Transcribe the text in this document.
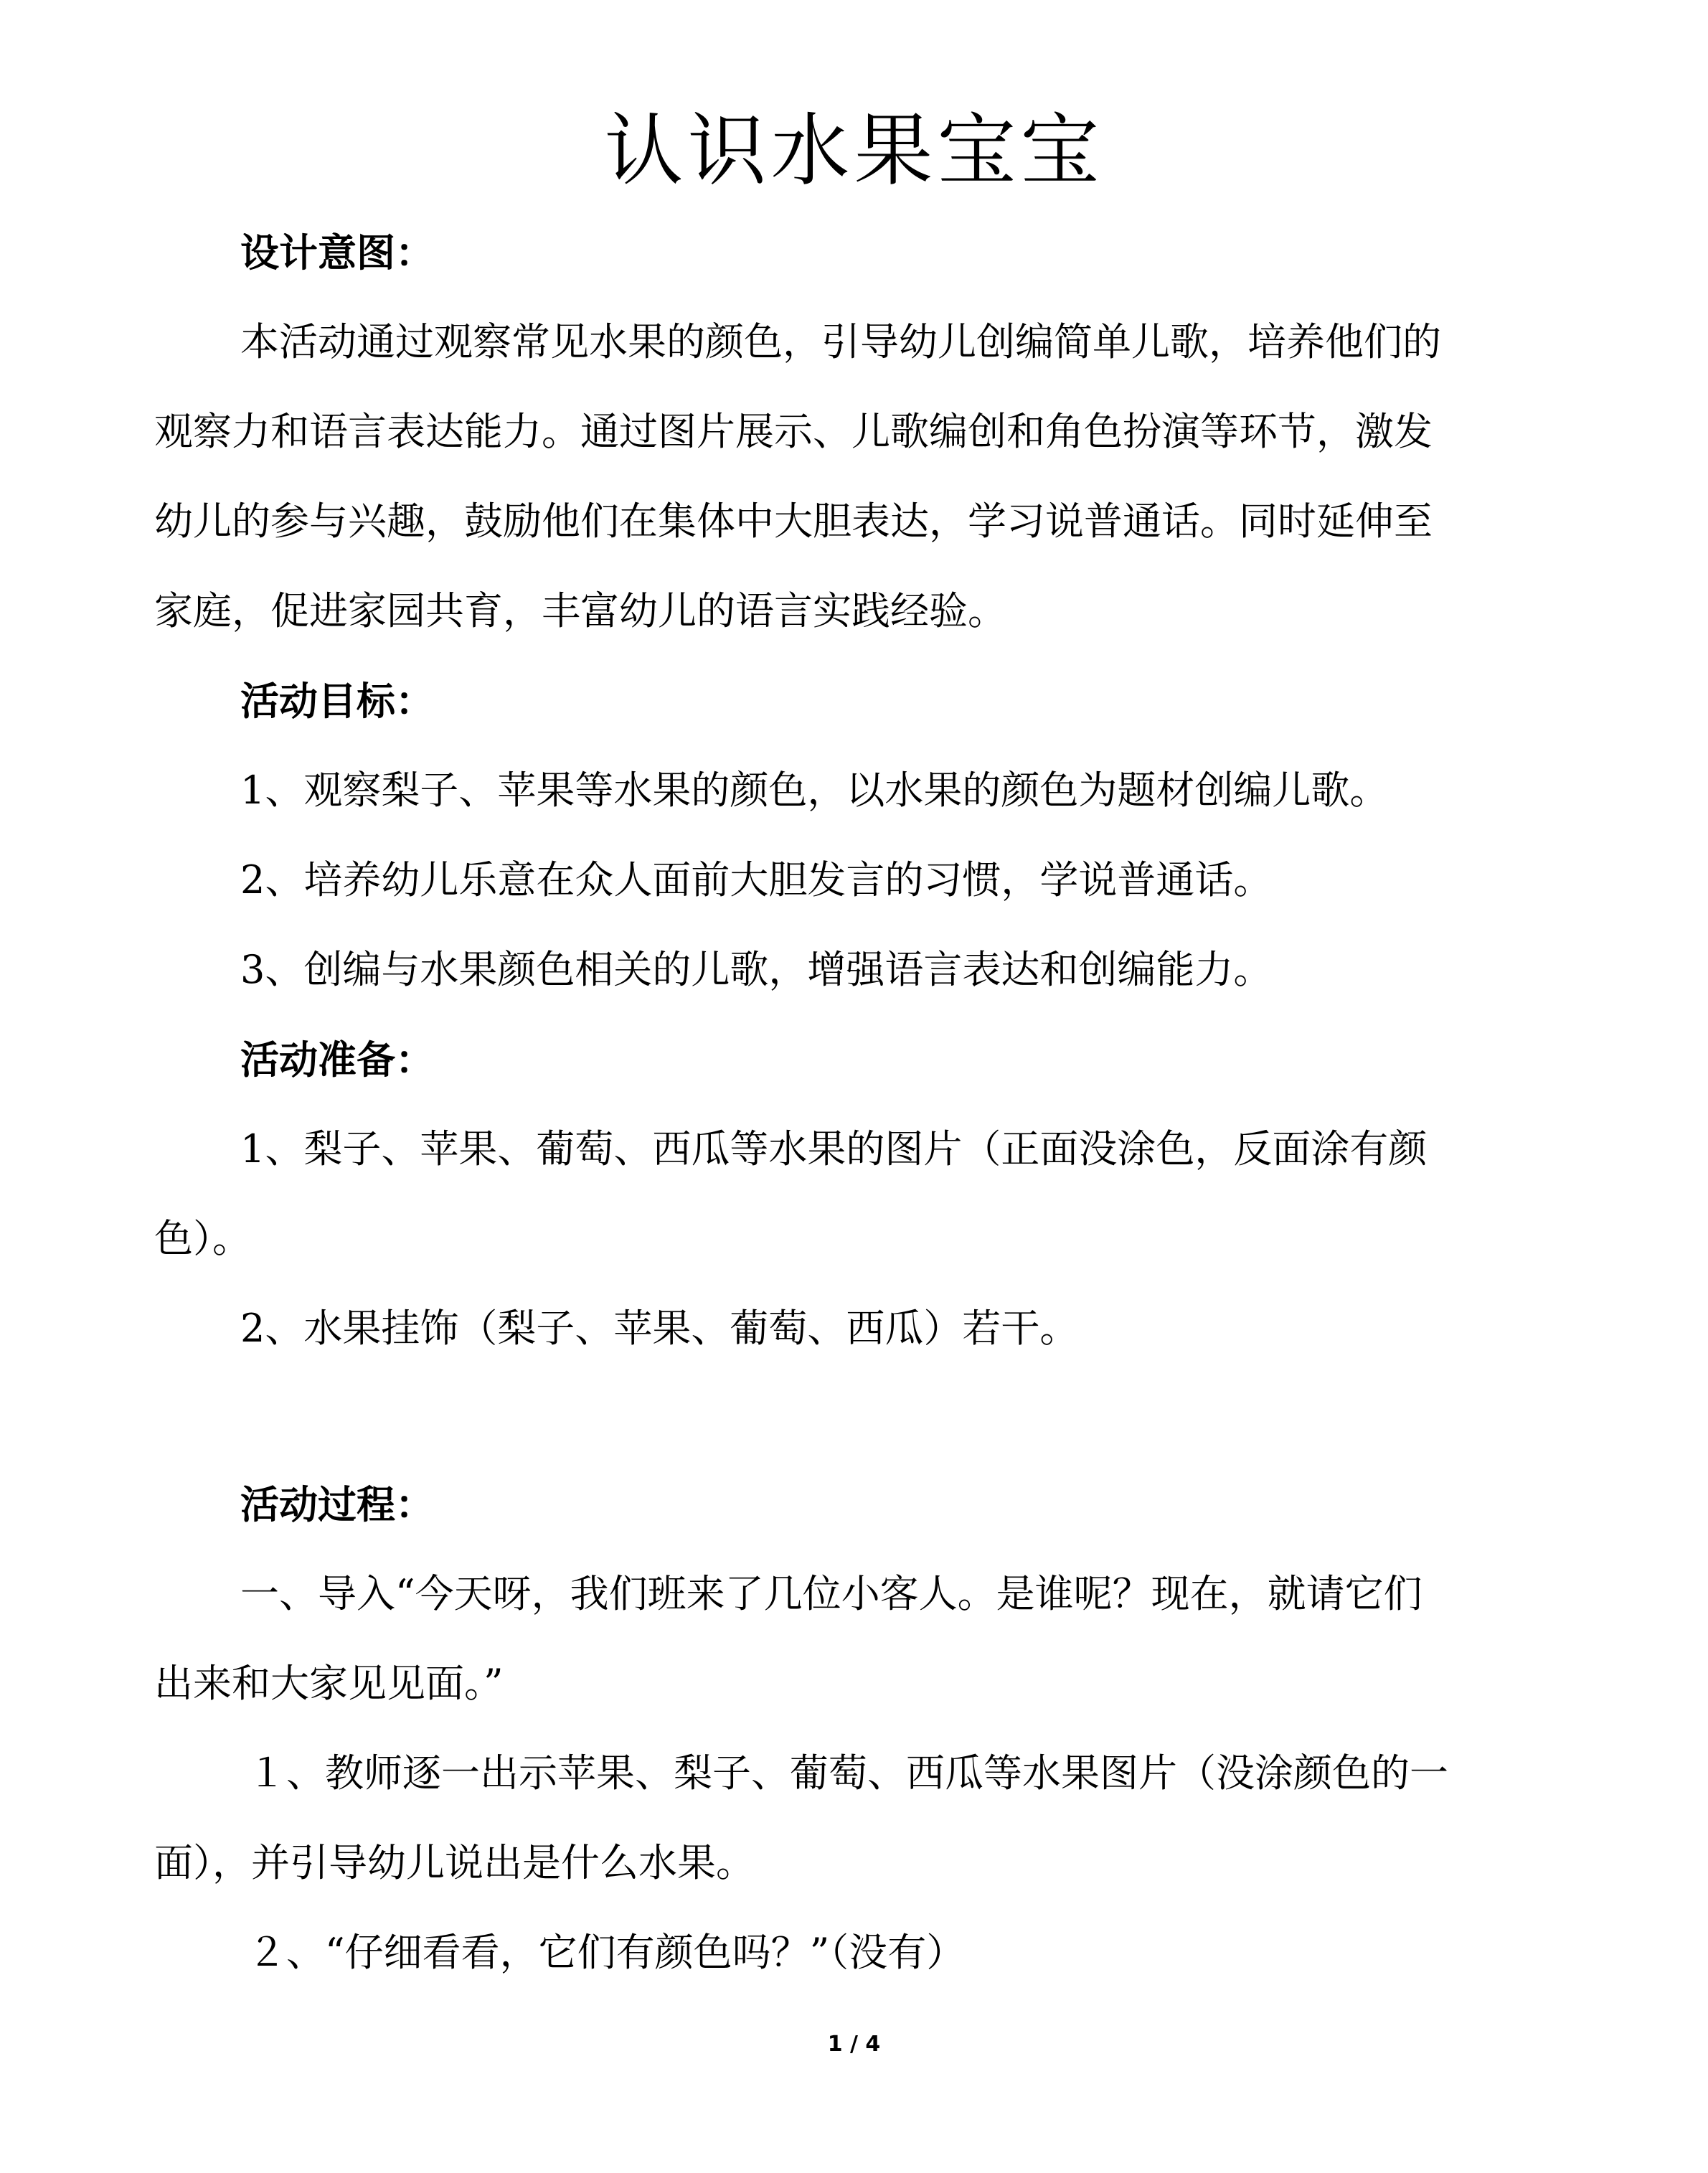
认识水果宝宝

设计意图：

本活动通过观察常见水果的颜色，引导幼儿创编简单儿歌，培养他们的

观察力和语言表达能力。通过图片展示、儿歌编创和角色扮演等环节，激发

幼儿的参与兴趣，鼓励他们在集体中大胆表达，学习说普通话。同时延伸至

家庭，促进家园共育，丰富幼儿的语言实践经验。

活动目标：

1、观察梨子、苹果等水果的颜色，以水果的颜色为题材创编儿歌。

2、培养幼儿乐意在众人面前大胆发言的习惯，学说普通话。

3、创编与水果颜色相关的儿歌，增强语言表达和创编能力。

活动准备：

1、梨子、苹果、葡萄、西瓜等水果的图片（正面没涂色，反面涂有颜

色）。

2、水果挂饰（梨子、苹果、葡萄、西瓜）若干。

活动过程：

一、导入“今天呀，我们班来了几位小客人。是谁呢？现在，就请它们

出来和大家见见面。”

１、教师逐一出示苹果、梨子、葡萄、西瓜等水果图片（没涂颜色的一

面），并引导幼儿说出是什么水果。

２、“仔细看看，它们有颜色吗？”（没有）

1 / 4
